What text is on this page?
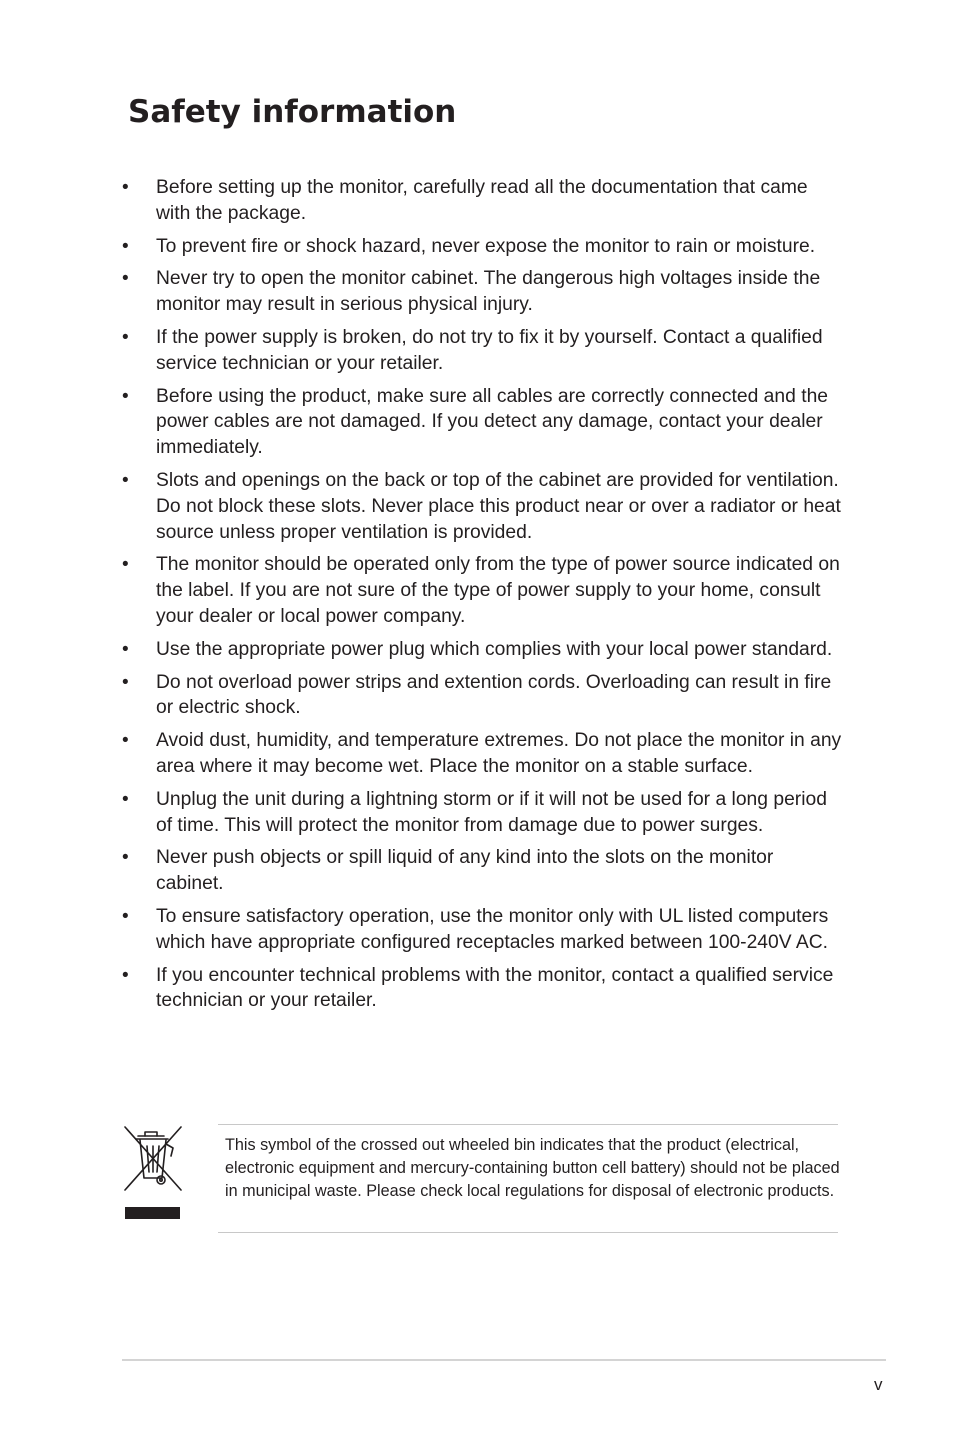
Safety information
• Before setting up the monitor, carefully read all the documentation that came with the package.
• To prevent fire or shock hazard, never expose the monitor to rain or moisture.
• Never try to open the monitor cabinet. The dangerous high voltages inside the monitor may result in serious physical injury.
• If the power supply is broken, do not try to fix it by yourself. Contact a qualified service technician or your retailer.
• Before using the product, make sure all cables are correctly connected and the power cables are not damaged. If you detect any damage, contact your dealer immediately.
• Slots and openings on the back or top of the cabinet are provided for ventilation. Do not block these slots. Never place this product near or over a radiator or heat source unless proper ventilation is provided.
• The monitor should be operated only from the type of power source indicated on the label. If you are not sure of the type of power supply to your home, consult your dealer or local power company.
• Use the appropriate power plug which complies with your local power standard.
• Do not overload power strips and extention cords. Overloading can result in fire or electric shock.
• Avoid dust, humidity, and temperature extremes. Do not place the monitor in any area where it may become wet. Place the monitor on a stable surface.
• Unplug the unit during a lightning storm or if it will not be used for a long period of time. This will protect the monitor from damage due to power surges.
• Never push objects or spill liquid of any kind into the slots on the monitor cabinet.
• To ensure satisfactory operation, use the monitor only with UL listed computers which have appropriate configured receptacles marked between 100-240V AC.
• If you encounter technical problems with the monitor, contact a qualified service technician or your retailer.

This symbol of the crossed out wheeled bin indicates that the product (electrical, electronic equipment and mercury-containing button cell battery) should not be placed in municipal waste. Please check local regulations for disposal of electronic products.

v
